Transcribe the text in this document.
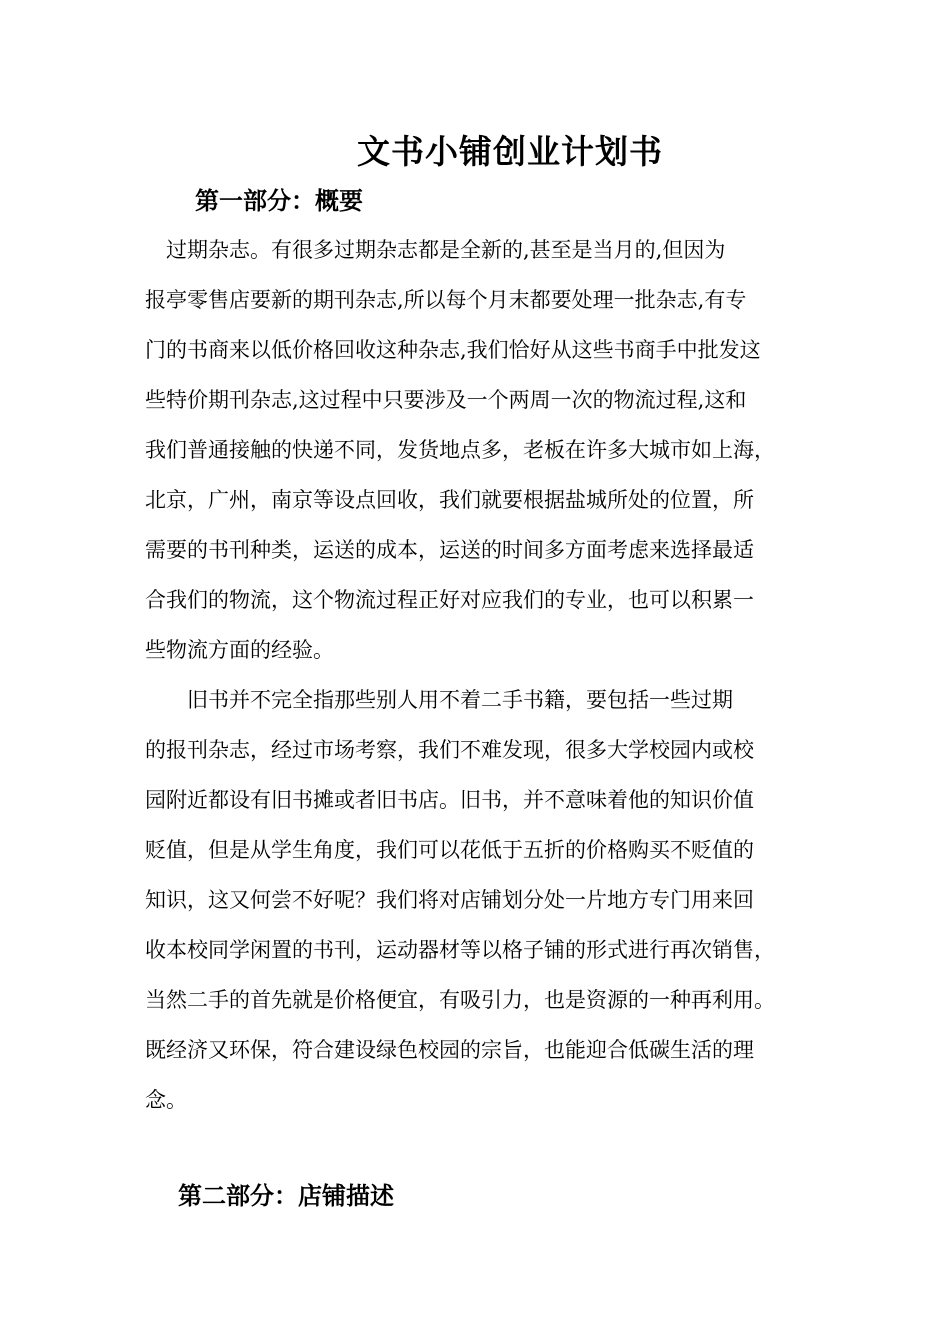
文书小铺创业计划书
第一部分：概要

　过期杂志。有很多过期杂志都是全新的,甚至是当月的,但因为
报亭零售店要新的期刊杂志,所以每个月末都要处理一批杂志,有专
门的书商来以低价格回收这种杂志,我们恰好从这些书商手中批发这
些特价期刊杂志,这过程中只要涉及一个两周一次的物流过程,这和
我们普通接触的快递不同，发货地点多，老板在许多大城市如上海，
北京，广州，南京等设点回收，我们就要根据盐城所处的位置，所
需要的书刊种类，运送的成本，运送的时间多方面考虑来选择最适
合我们的物流，这个物流过程正好对应我们的专业，也可以积累一
些物流方面的经验。

　　旧书并不完全指那些别人用不着二手书籍，要包括一些过期
的报刊杂志，经过市场考察，我们不难发现，很多大学校园内或校
园附近都设有旧书摊或者旧书店。旧书，并不意味着他的知识价值
贬值，但是从学生角度，我们可以花低于五折的价格购买不贬值的
知识，这又何尝不好呢？我们将对店铺划分处一片地方专门用来回
收本校同学闲置的书刊，运动器材等以格子铺的形式进行再次销售，
当然二手的首先就是价格便宜，有吸引力，也是资源的一种再利用。
既经济又环保，符合建设绿色校园的宗旨，也能迎合低碳生活的理
念。

第二部分：店铺描述
